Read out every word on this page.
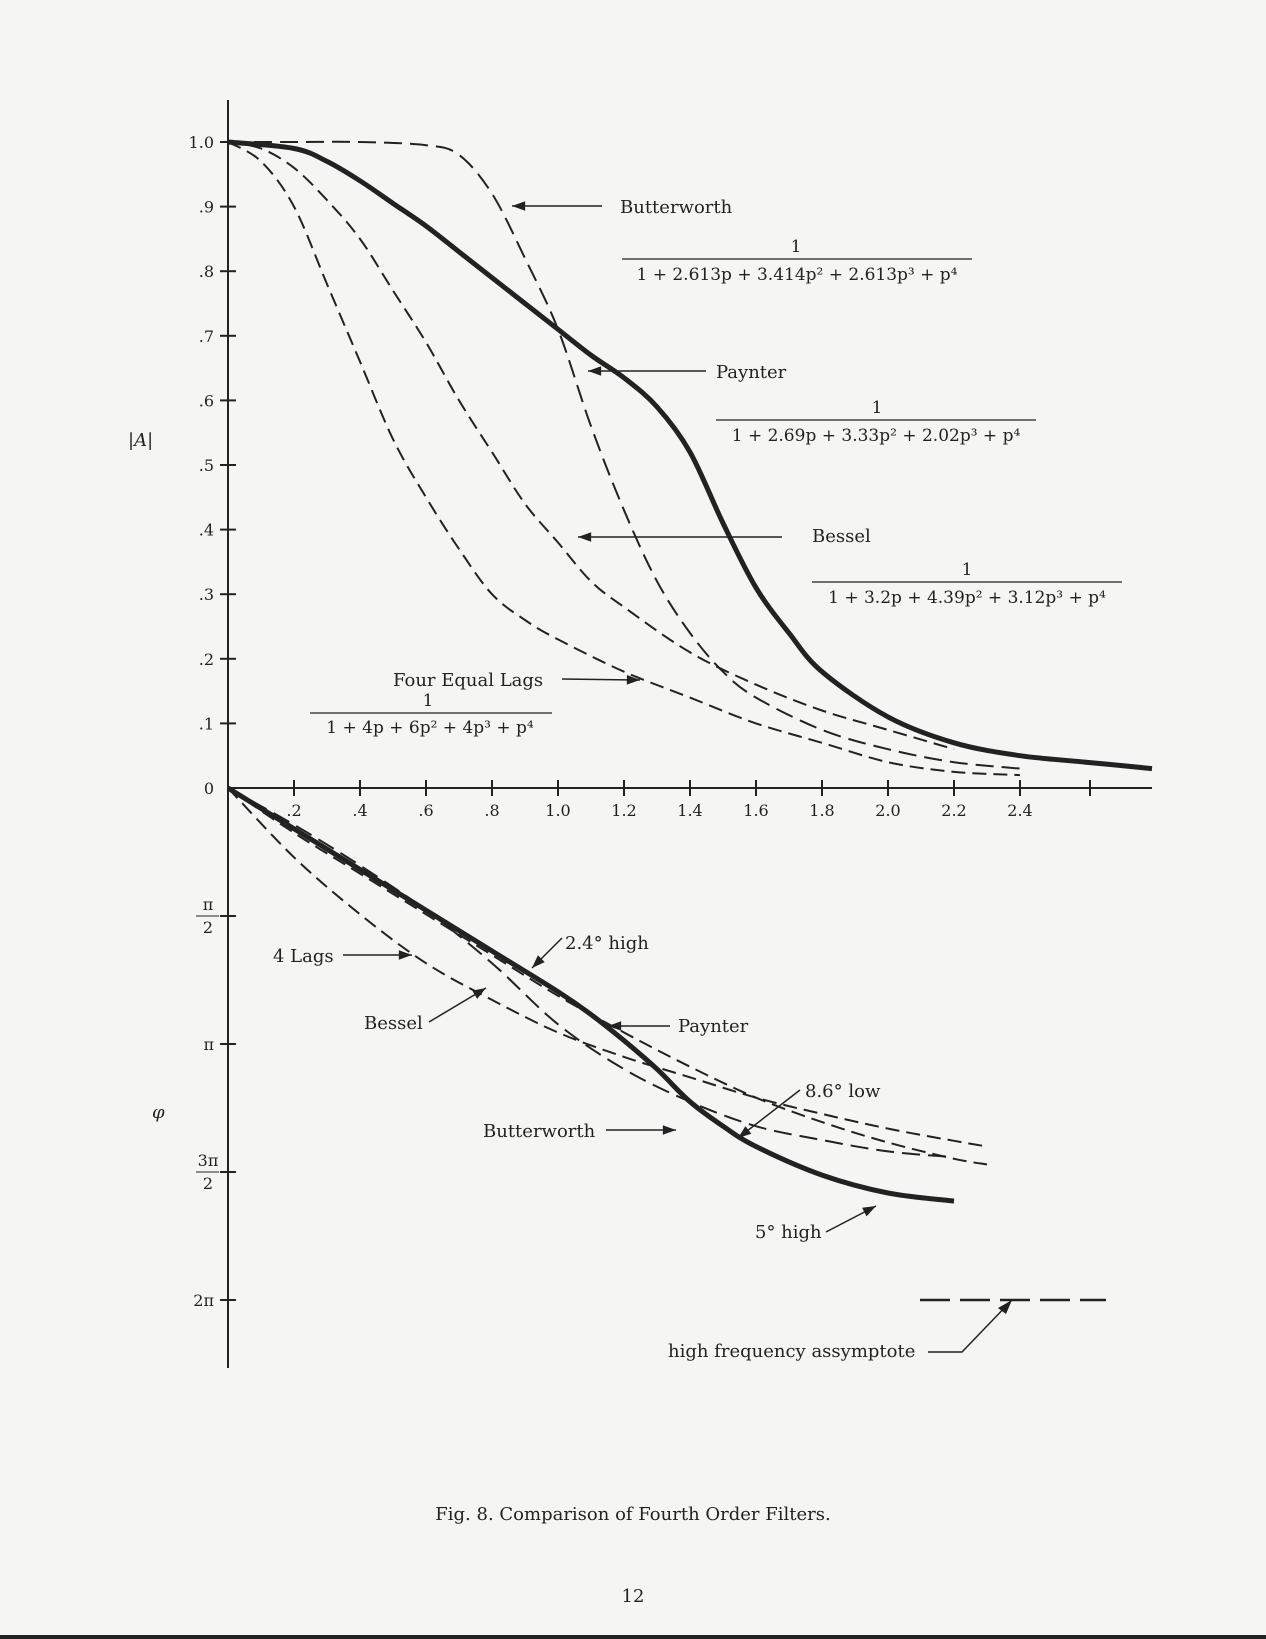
.2	.4	.6	.8	1.0	1.2	1.4	1.6	1.8	2.0	2.2	2.4
0
.1
.2
.3
.4
.5
.6
.7
.8
.9
1.0
π
2
π
3π
2
2π
|A|
φ
Butterworth
1
1 + 2.613p + 3.414p² + 2.613p³ + p⁴
Paynter
1
1 + 2.69p + 3.33p² + 2.02p³ + p⁴
Bessel
1
1 + 3.2p + 4.39p² + 3.12p³ + p⁴
Four Equal Lags
1
1 + 4p + 6p² + 4p³ + p⁴
4 Lags
Bessel
Butterworth
Paynter
2.4° high
8.6° low
5° high
high frequency assymptote
Fig. 8. Comparison of Fourth Order Filters.
12
